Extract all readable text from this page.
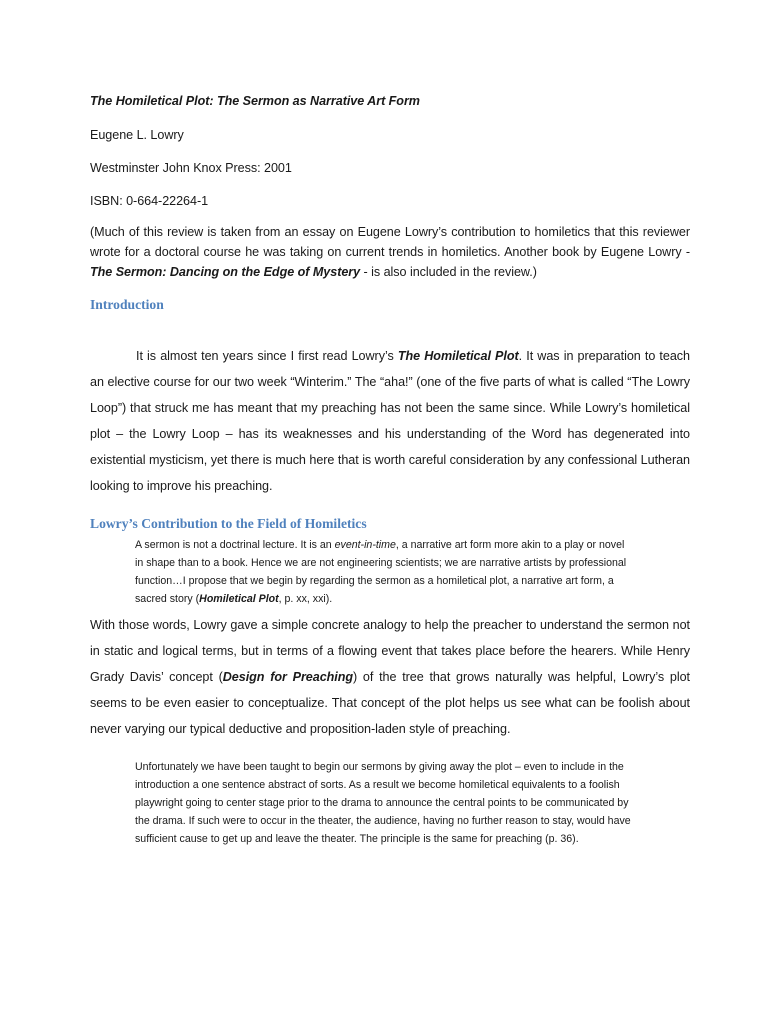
The Homiletical Plot: The Sermon as Narrative Art Form

Eugene L. Lowry

Westminster John Knox Press: 2001

ISBN: 0-664-22264-1

(Much of this review is taken from an essay on Eugene Lowry’s contribution to homiletics that this reviewer wrote for a doctoral course he was taking on current trends in homiletics. Another book by Eugene Lowry - The Sermon: Dancing on the Edge of Mystery - is also included in the review.)

Introduction

It is almost ten years since I first read Lowry’s The Homiletical Plot. It was in preparation to teach an elective course for our two week “Winterim.” The “aha!” (one of the five parts of what is called “The Lowry Loop”) that struck me has meant that my preaching has not been the same since. While Lowry’s homiletical plot – the Lowry Loop – has its weaknesses and his understanding of the Word has degenerated into existential mysticism, yet there is much here that is worth careful consideration by any confessional Lutheran looking to improve his preaching.

Lowry’s Contribution to the Field of Homiletics

A sermon is not a doctrinal lecture. It is an event-in-time, a narrative art form more akin to a play or novel in shape than to a book. Hence we are not engineering scientists; we are narrative artists by professional function…I propose that we begin by regarding the sermon as a homiletical plot, a narrative art form, a sacred story (Homiletical Plot, p. xx, xxi).

With those words, Lowry gave a simple concrete analogy to help the preacher to understand the sermon not in static and logical terms, but in terms of a flowing event that takes place before the hearers. While Henry Grady Davis’ concept (Design for Preaching) of the tree that grows naturally was helpful, Lowry’s plot seems to be even easier to conceptualize. That concept of the plot helps us see what can be foolish about never varying our typical deductive and proposition-laden style of preaching.

Unfortunately we have been taught to begin our sermons by giving away the plot – even to include in the introduction a one sentence abstract of sorts. As a result we become homiletical equivalents to a foolish playwright going to center stage prior to the drama to announce the central points to be communicated by the drama. If such were to occur in the theater, the audience, having no further reason to stay, would have sufficient cause to get up and leave the theater. The principle is the same for preaching (p. 36).
